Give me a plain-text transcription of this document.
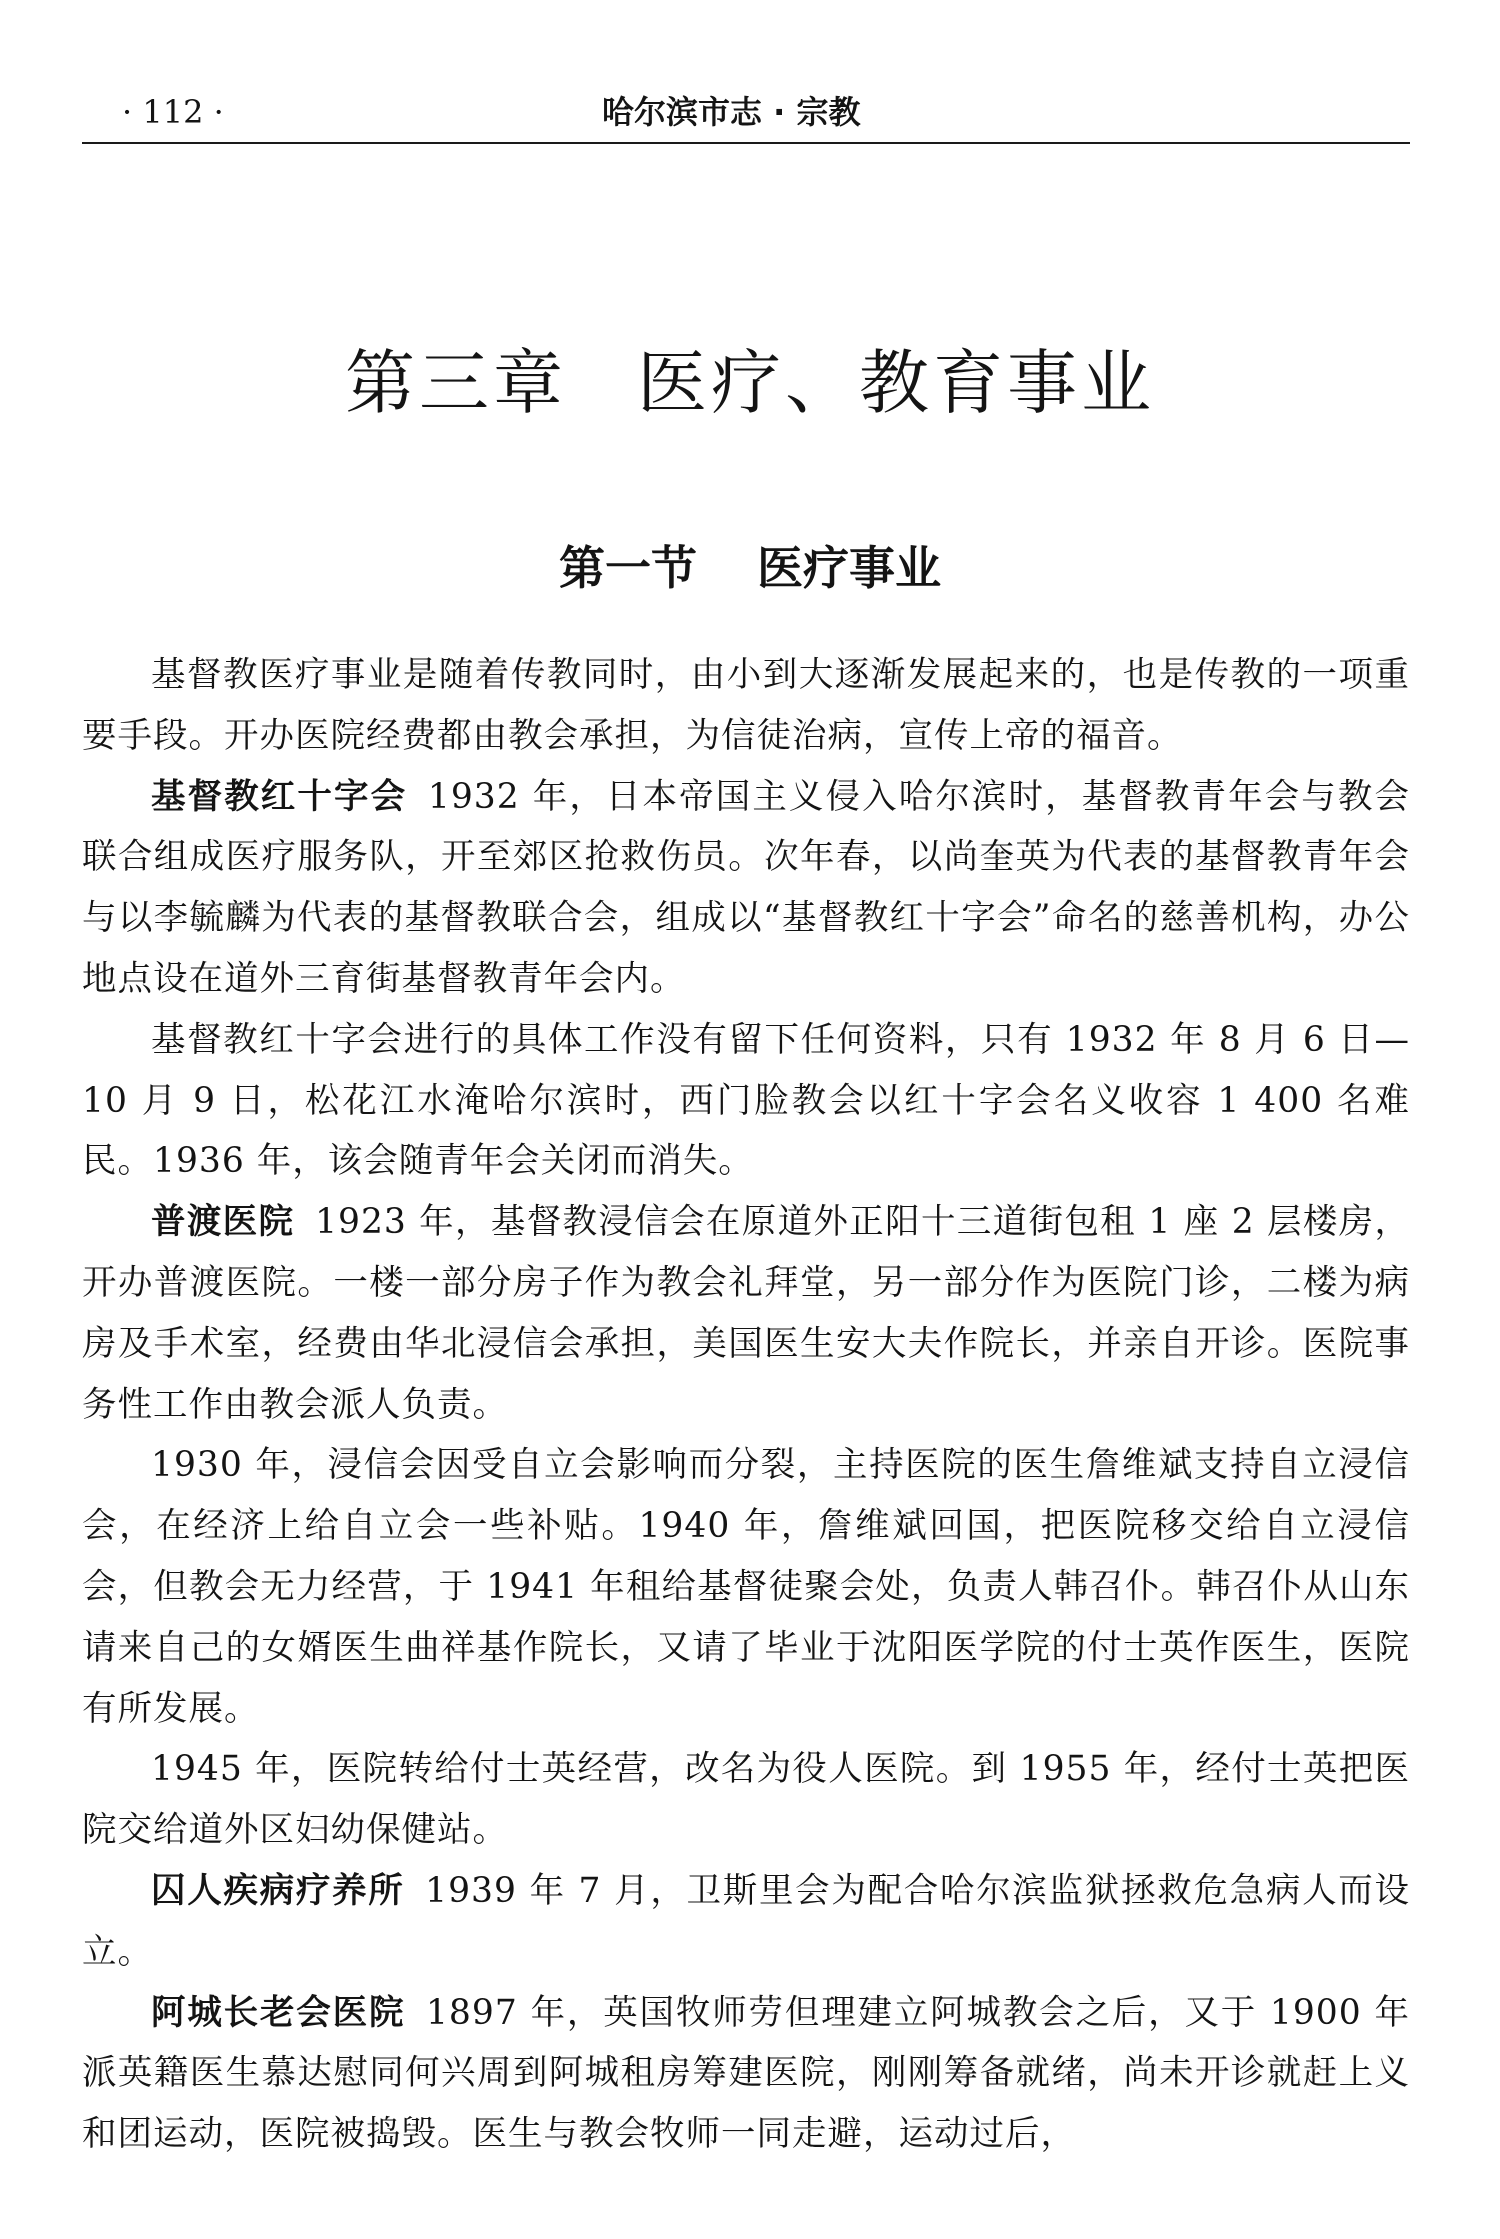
· 112 ·	哈尔滨市志 · 宗教
第三章 医疗、教育事业
第一节 医疗事业

基督教医疗事业是随着传教同时，由小到大逐渐发展起来的，也是传教的一项重要手段。开办医院经费都由教会承担，为信徒治病，宣传上帝的福音。

基督教红十字会 1932 年，日本帝国主义侵入哈尔滨时，基督教青年会与教会联合组成医疗服务队，开至郊区抢救伤员。次年春，以尚奎英为代表的基督教青年会与以李毓麟为代表的基督教联合会，组成以“基督教红十字会”命名的慈善机构，办公地点设在道外三育街基督教青年会内。

基督教红十字会进行的具体工作没有留下任何资料，只有 1932 年 8 月 6 日—10 月 9 日，松花江水淹哈尔滨时，西门脸教会以红十字会名义收容 1 400 名难民。1936 年，该会随青年会关闭而消失。

普渡医院 1923 年，基督教浸信会在原道外正阳十三道街包租 1 座 2 层楼房，开办普渡医院。一楼一部分房子作为教会礼拜堂，另一部分作为医院门诊，二楼为病房及手术室，经费由华北浸信会承担，美国医生安大夫作院长，并亲自开诊。医院事务性工作由教会派人负责。

1930 年，浸信会因受自立会影响而分裂，主持医院的医生詹维斌支持自立浸信会，在经济上给自立会一些补贴。1940 年，詹维斌回国，把医院移交给自立浸信会，但教会无力经营，于 1941 年租给基督徒聚会处，负责人韩召仆。韩召仆从山东请来自己的女婿医生曲祥基作院长，又请了毕业于沈阳医学院的付士英作医生，医院有所发展。

1945 年，医院转给付士英经营，改名为役人医院。到 1955 年，经付士英把医院交给道外区妇幼保健站。

囚人疾病疗养所 1939 年 7 月，卫斯里会为配合哈尔滨监狱拯救危急病人而设立。

阿城长老会医院 1897 年，英国牧师劳但理建立阿城教会之后，又于 1900 年派英籍医生慕达慰同何兴周到阿城租房筹建医院，刚刚筹备就绪，尚未开诊就赶上义和团运动，医院被捣毁。医生与教会牧师一同走避，运动过后，
